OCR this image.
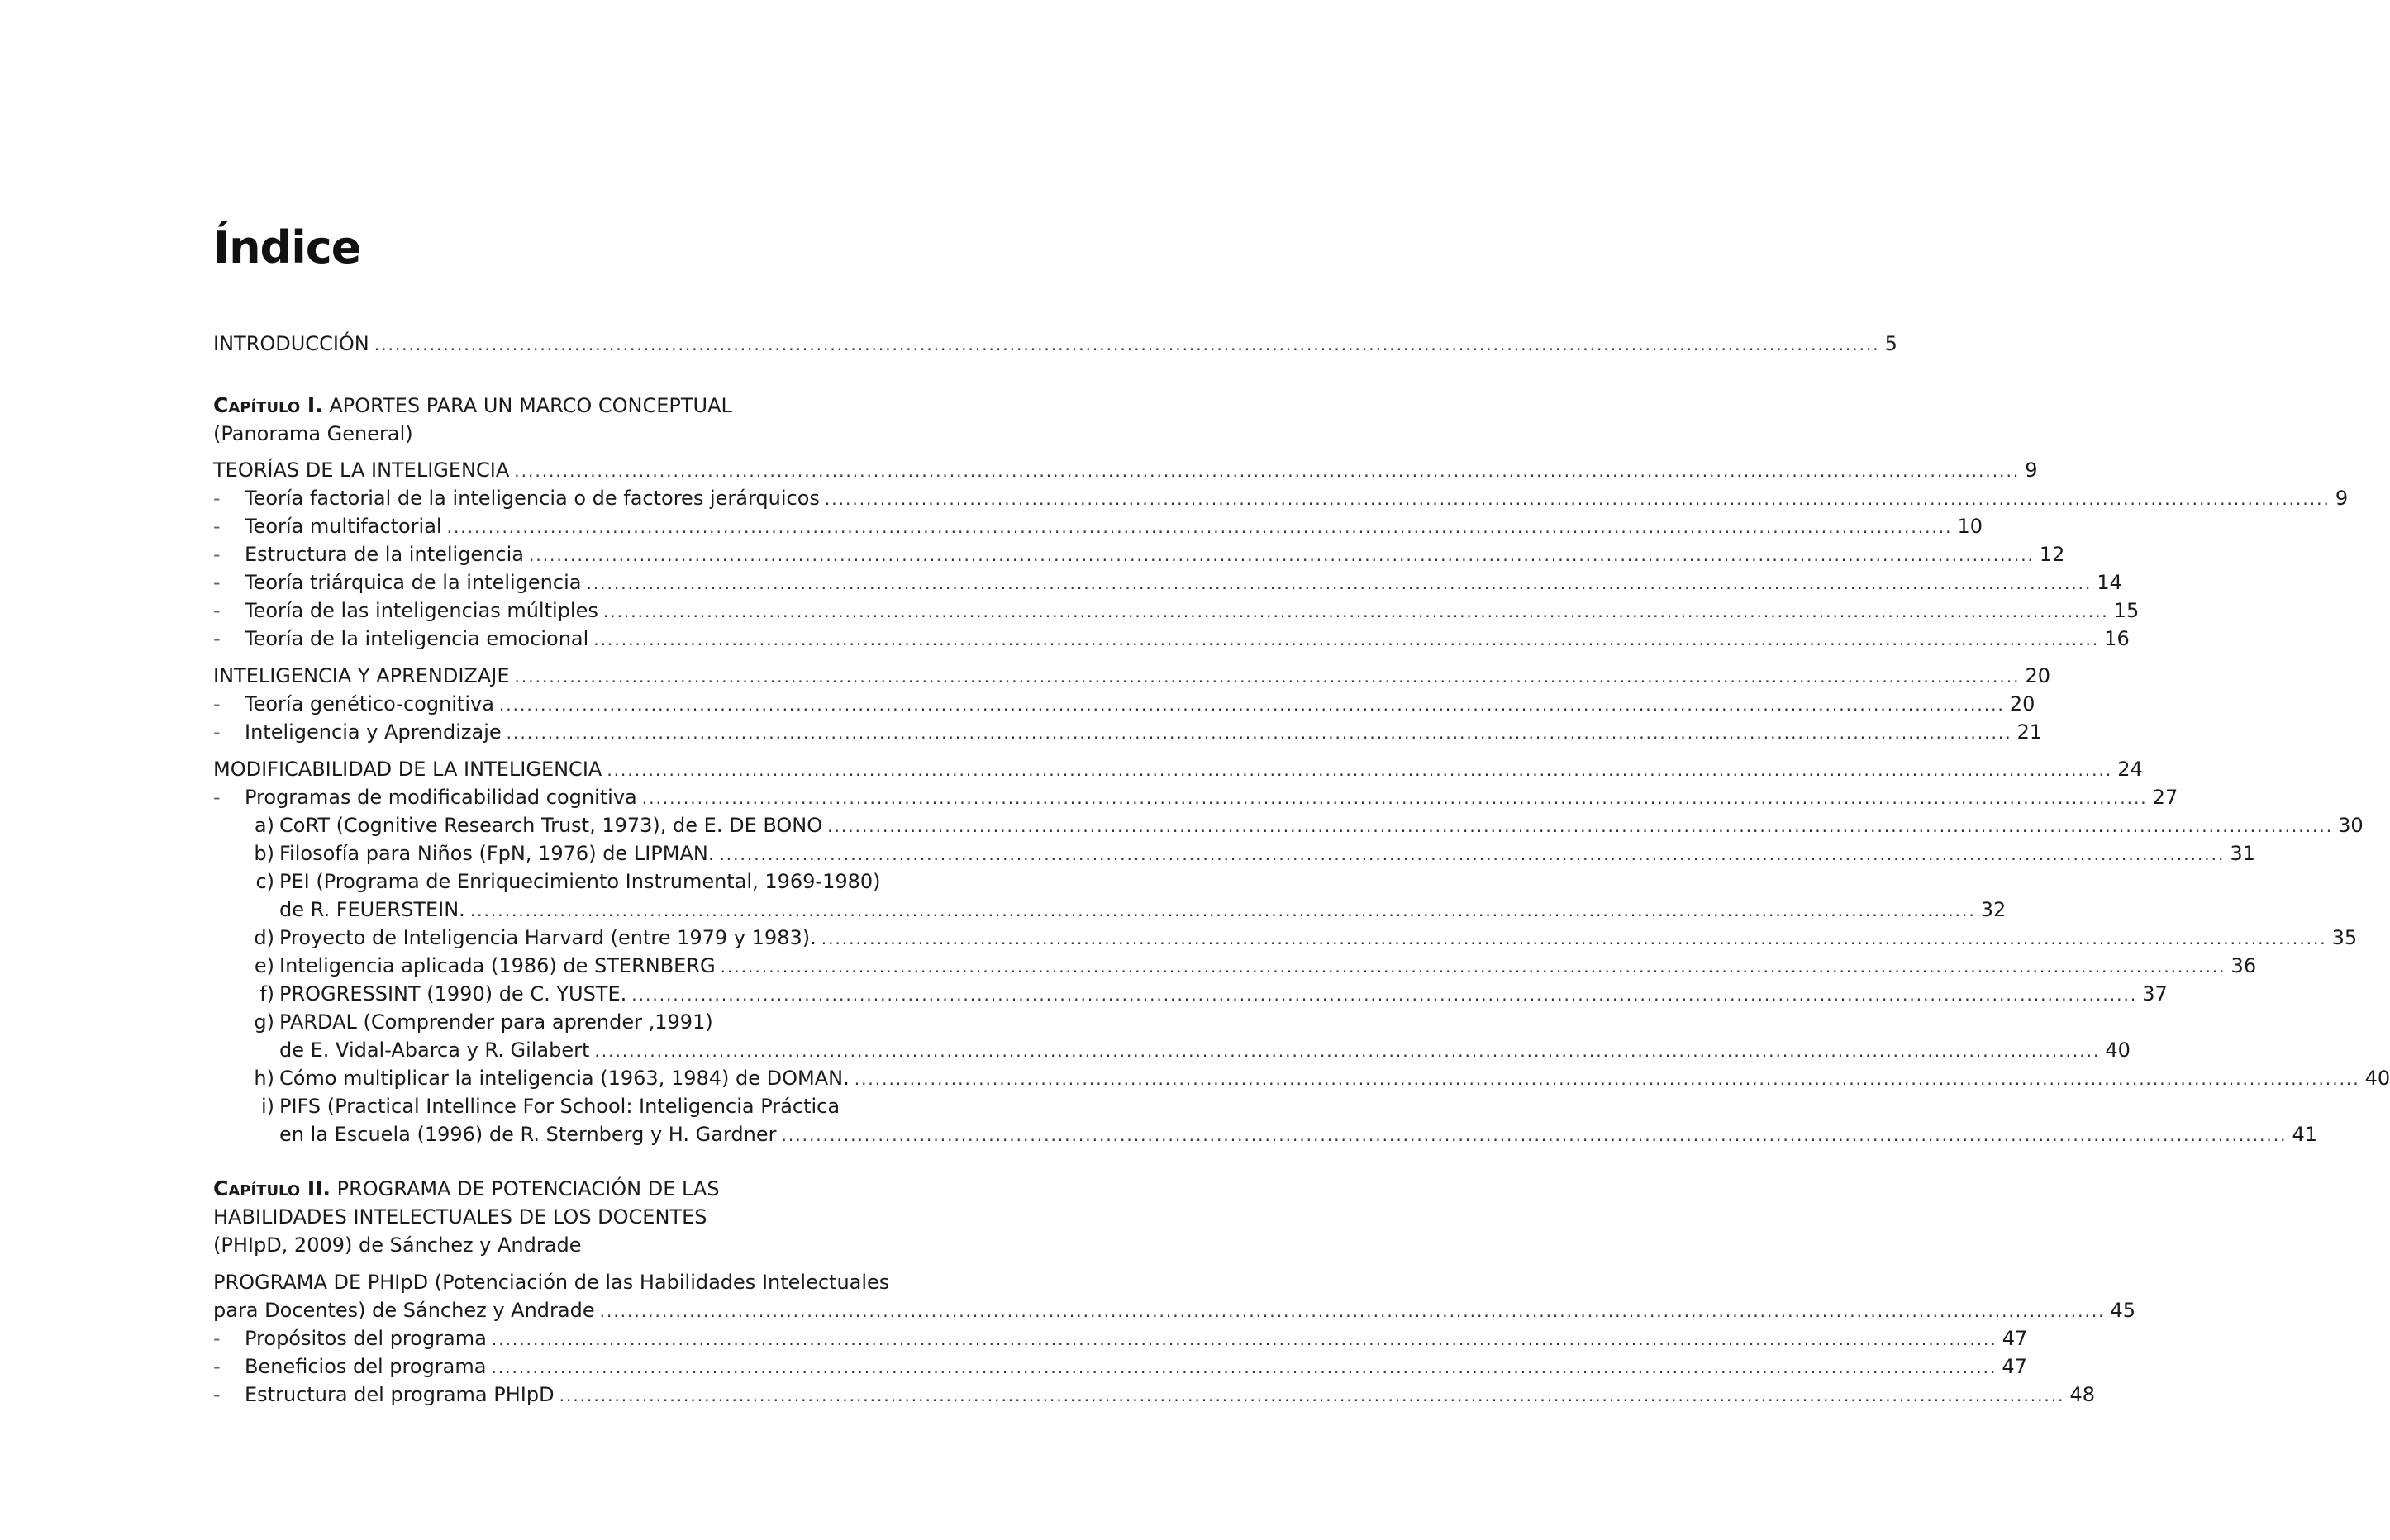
Índice
INTRODUCCIÓN .......................................................................................................................................................................................................................... 5
Capítulo I. APORTES PARA UN MARCO CONCEPTUAL
(Panorama General)
TEORÍAS DE LA INTELIGENCIA .......................................................................................................................................................................................................................... 9
- Teoría factorial de la inteligencia o de factores jerárquicos .......................................................................................................................................................................................................................... 9
- Teoría multifactorial .......................................................................................................................................................................................................................... 10
- Estructura de la inteligencia .......................................................................................................................................................................................................................... 12
- Teoría triárquica de la inteligencia .......................................................................................................................................................................................................................... 14
- Teoría de las inteligencias múltiples .......................................................................................................................................................................................................................... 15
- Teoría de la inteligencia emocional .......................................................................................................................................................................................................................... 16
INTELIGENCIA Y APRENDIZAJE .......................................................................................................................................................................................................................... 20
- Teoría genético-cognitiva .......................................................................................................................................................................................................................... 20
- Inteligencia y Aprendizaje .......................................................................................................................................................................................................................... 21
MODIFICABILIDAD DE LA INTELIGENCIA .......................................................................................................................................................................................................................... 24
- Programas de modificabilidad cognitiva .......................................................................................................................................................................................................................... 27
a) CoRT (Cognitive Research Trust, 1973), de E. DE BONO .......................................................................................................................................................................................................................... 30
b) Filosofía para Niños (FpN, 1976) de LIPMAN. .......................................................................................................................................................................................................................... 31
c) PEI (Programa de Enriquecimiento Instrumental, 1969-1980)
de R. FEUERSTEIN. .......................................................................................................................................................................................................................... 32
d) Proyecto de Inteligencia Harvard (entre 1979 y 1983). .......................................................................................................................................................................................................................... 35
e) Inteligencia aplicada (1986) de STERNBERG .......................................................................................................................................................................................................................... 36
f) PROGRESSINT (1990) de C. YUSTE. .......................................................................................................................................................................................................................... 37
g) PARDAL (Comprender para aprender ,1991)
de E. Vidal-Abarca y R. Gilabert .......................................................................................................................................................................................................................... 40
h) Cómo multiplicar la inteligencia (1963, 1984) de DOMAN. .......................................................................................................................................................................................................................... 40
i) PIFS (Practical Intellince For School: Inteligencia Práctica
en la Escuela (1996) de R. Sternberg y H. Gardner .......................................................................................................................................................................................................................... 41
Capítulo II. PROGRAMA DE POTENCIACIÓN DE LAS
HABILIDADES INTELECTUALES DE LOS DOCENTES
(PHIpD, 2009) de Sánchez y Andrade
PROGRAMA DE PHIpD (Potenciación de las Habilidades Intelectuales
para Docentes) de Sánchez y Andrade .......................................................................................................................................................................................................................... 45
- Propósitos del programa .......................................................................................................................................................................................................................... 47
- Beneficios del programa .......................................................................................................................................................................................................................... 47
- Estructura del programa PHIpD .......................................................................................................................................................................................................................... 48
